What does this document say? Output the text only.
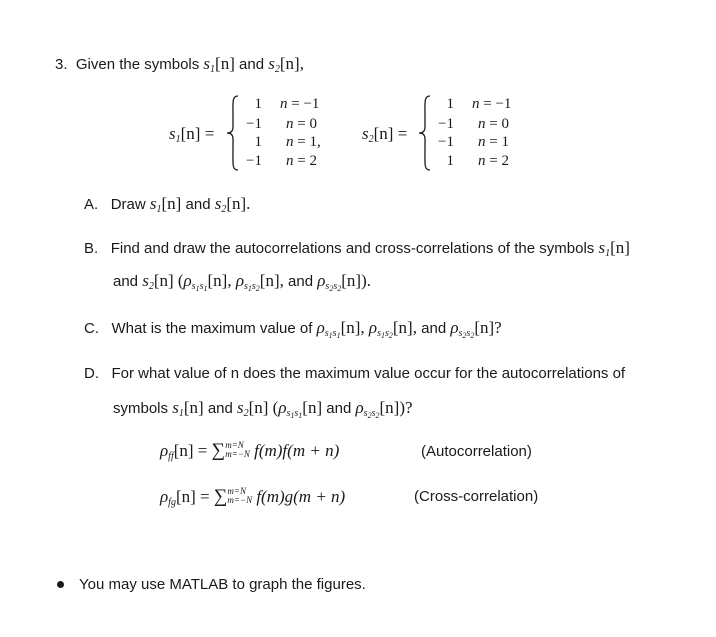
3. Given the symbols $s_1[n]$ and $s_2[n]$,
$s_1[n]$ =
1 n = −1
−1 n = 0
1 n = 1,
−1 n = 2
$s_2[n]$ =
1 n = −1
−1 n = 0
−1 n = 1
1 n = 2
A. Draw $s_1[n]$ and $s_2[n]$.
B. Find and draw the autocorrelations and cross-correlations of the symbols $s_1[n]$
and $s_2[n]$ ($\rho_{s_1s_1}[n]$, $\rho_{s_1s_2}[n]$, and $\rho_{s_2s_2}[n]$).
C. What is the maximum value of $\rho_{s_1s_1}[n]$, $\rho_{s_1s_2}[n]$, and $\rho_{s_2s_2}[n]$?
D. For what value of n does the maximum value occur for the autocorrelations of
symbols $s_1[n]$ and $s_2[n]$ ($\rho_{s_1s_1}[n]$ and $\rho_{s_2s_2}[n]$)?
$\rho_{ff}[n] = \sum m=N$
m=−N f(m)f(m + n)	(Autocorrelation)
$\rho_{fg}[n] = \sum m=N$
m=−N f(m)g(m + n)	(Cross-correlation)
You may use MATLAB to graph the figures.
